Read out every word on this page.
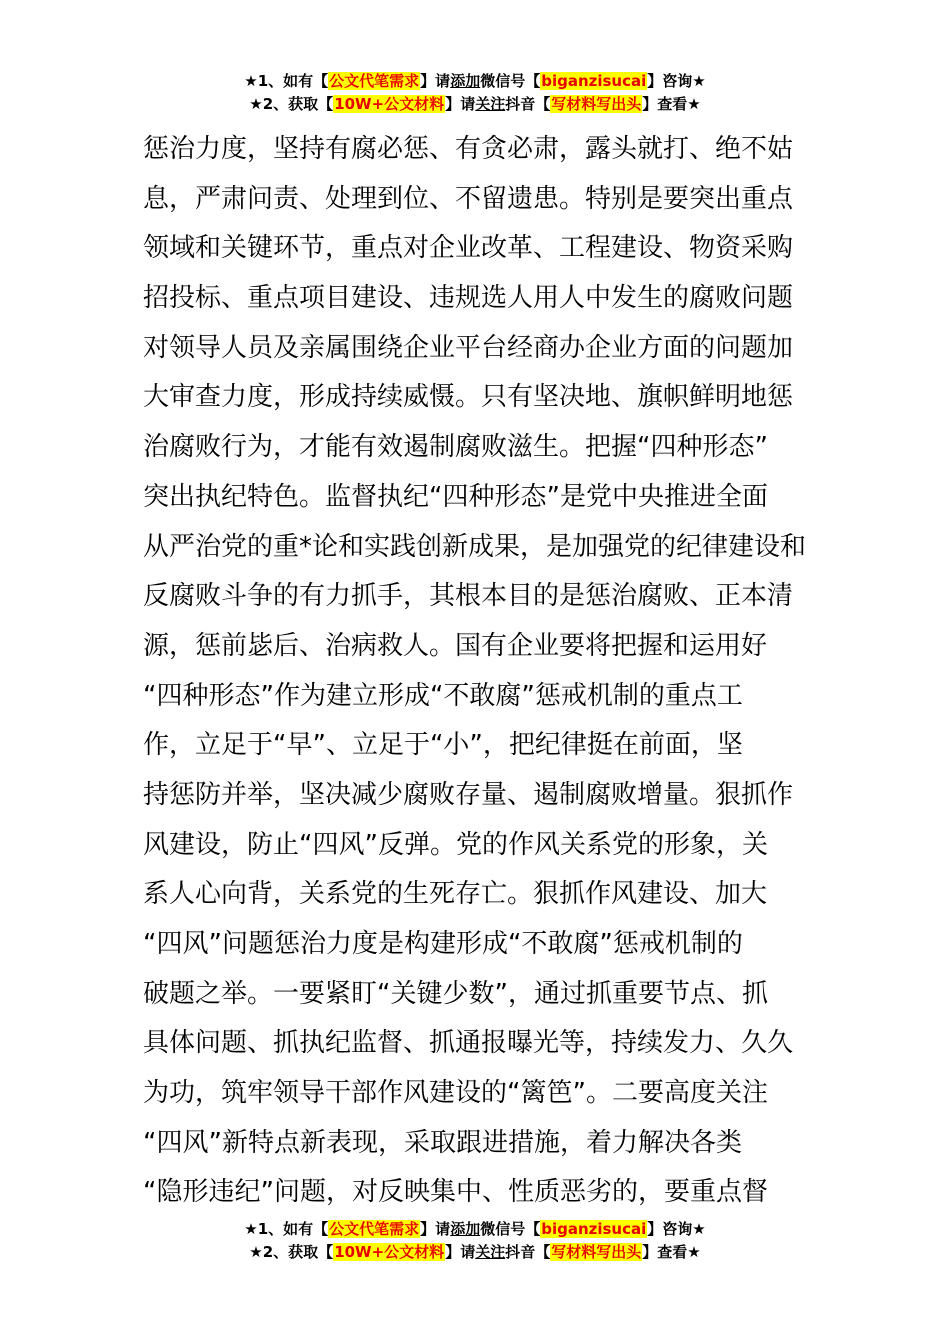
★1、如有【公文代笔需求】请添加微信号【biganzisucai】咨询★
★2、获取【10W+公文材料】请关注抖音【写材料写出头】查看★
惩治力度，坚持有腐必惩、有贪必肃，露头就打、绝不姑
息，严肃问责、处理到位、不留遗患。特别是要突出重点
领域和关键环节，重点对企业改革、工程建设、物资采购
招投标、重点项目建设、违规选人用人中发生的腐败问题
对领导人员及亲属围绕企业平台经商办企业方面的问题加
大审查力度，形成持续威慑。只有坚决地、旗帜鲜明地惩
治腐败行为，才能有效遏制腐败滋生。把握“四种形态”
突出执纪特色。监督执纪“四种形态”是党中央推进全面
从严治党的重*论和实践创新成果，是加强党的纪律建设和
反腐败斗争的有力抓手，其根本目的是惩治腐败、正本清
源，惩前毖后、治病救人。国有企业要将把握和运用好
“四种形态”作为建立形成“不敢腐”惩戒机制的重点工
作，立足于“早”、立足于“小”，把纪律挺在前面，坚
持惩防并举，坚决减少腐败存量、遏制腐败增量。狠抓作
风建设，防止“四风”反弹。党的作风关系党的形象，关
系人心向背，关系党的生死存亡。狠抓作风建设、加大
“四风”问题惩治力度是构建形成“不敢腐”惩戒机制的
破题之举。一要紧盯“关键少数”，通过抓重要节点、抓
具体问题、抓执纪监督、抓通报曝光等，持续发力、久久
为功，筑牢领导干部作风建设的“篱笆”。二要高度关注
“四风”新特点新表现，采取跟进措施，着力解决各类
“隐形违纪”问题，对反映集中、性质恶劣的，要重点督
★1、如有【公文代笔需求】请添加微信号【biganzisucai】咨询★
★2、获取【10W+公文材料】请关注抖音【写材料写出头】查看★
